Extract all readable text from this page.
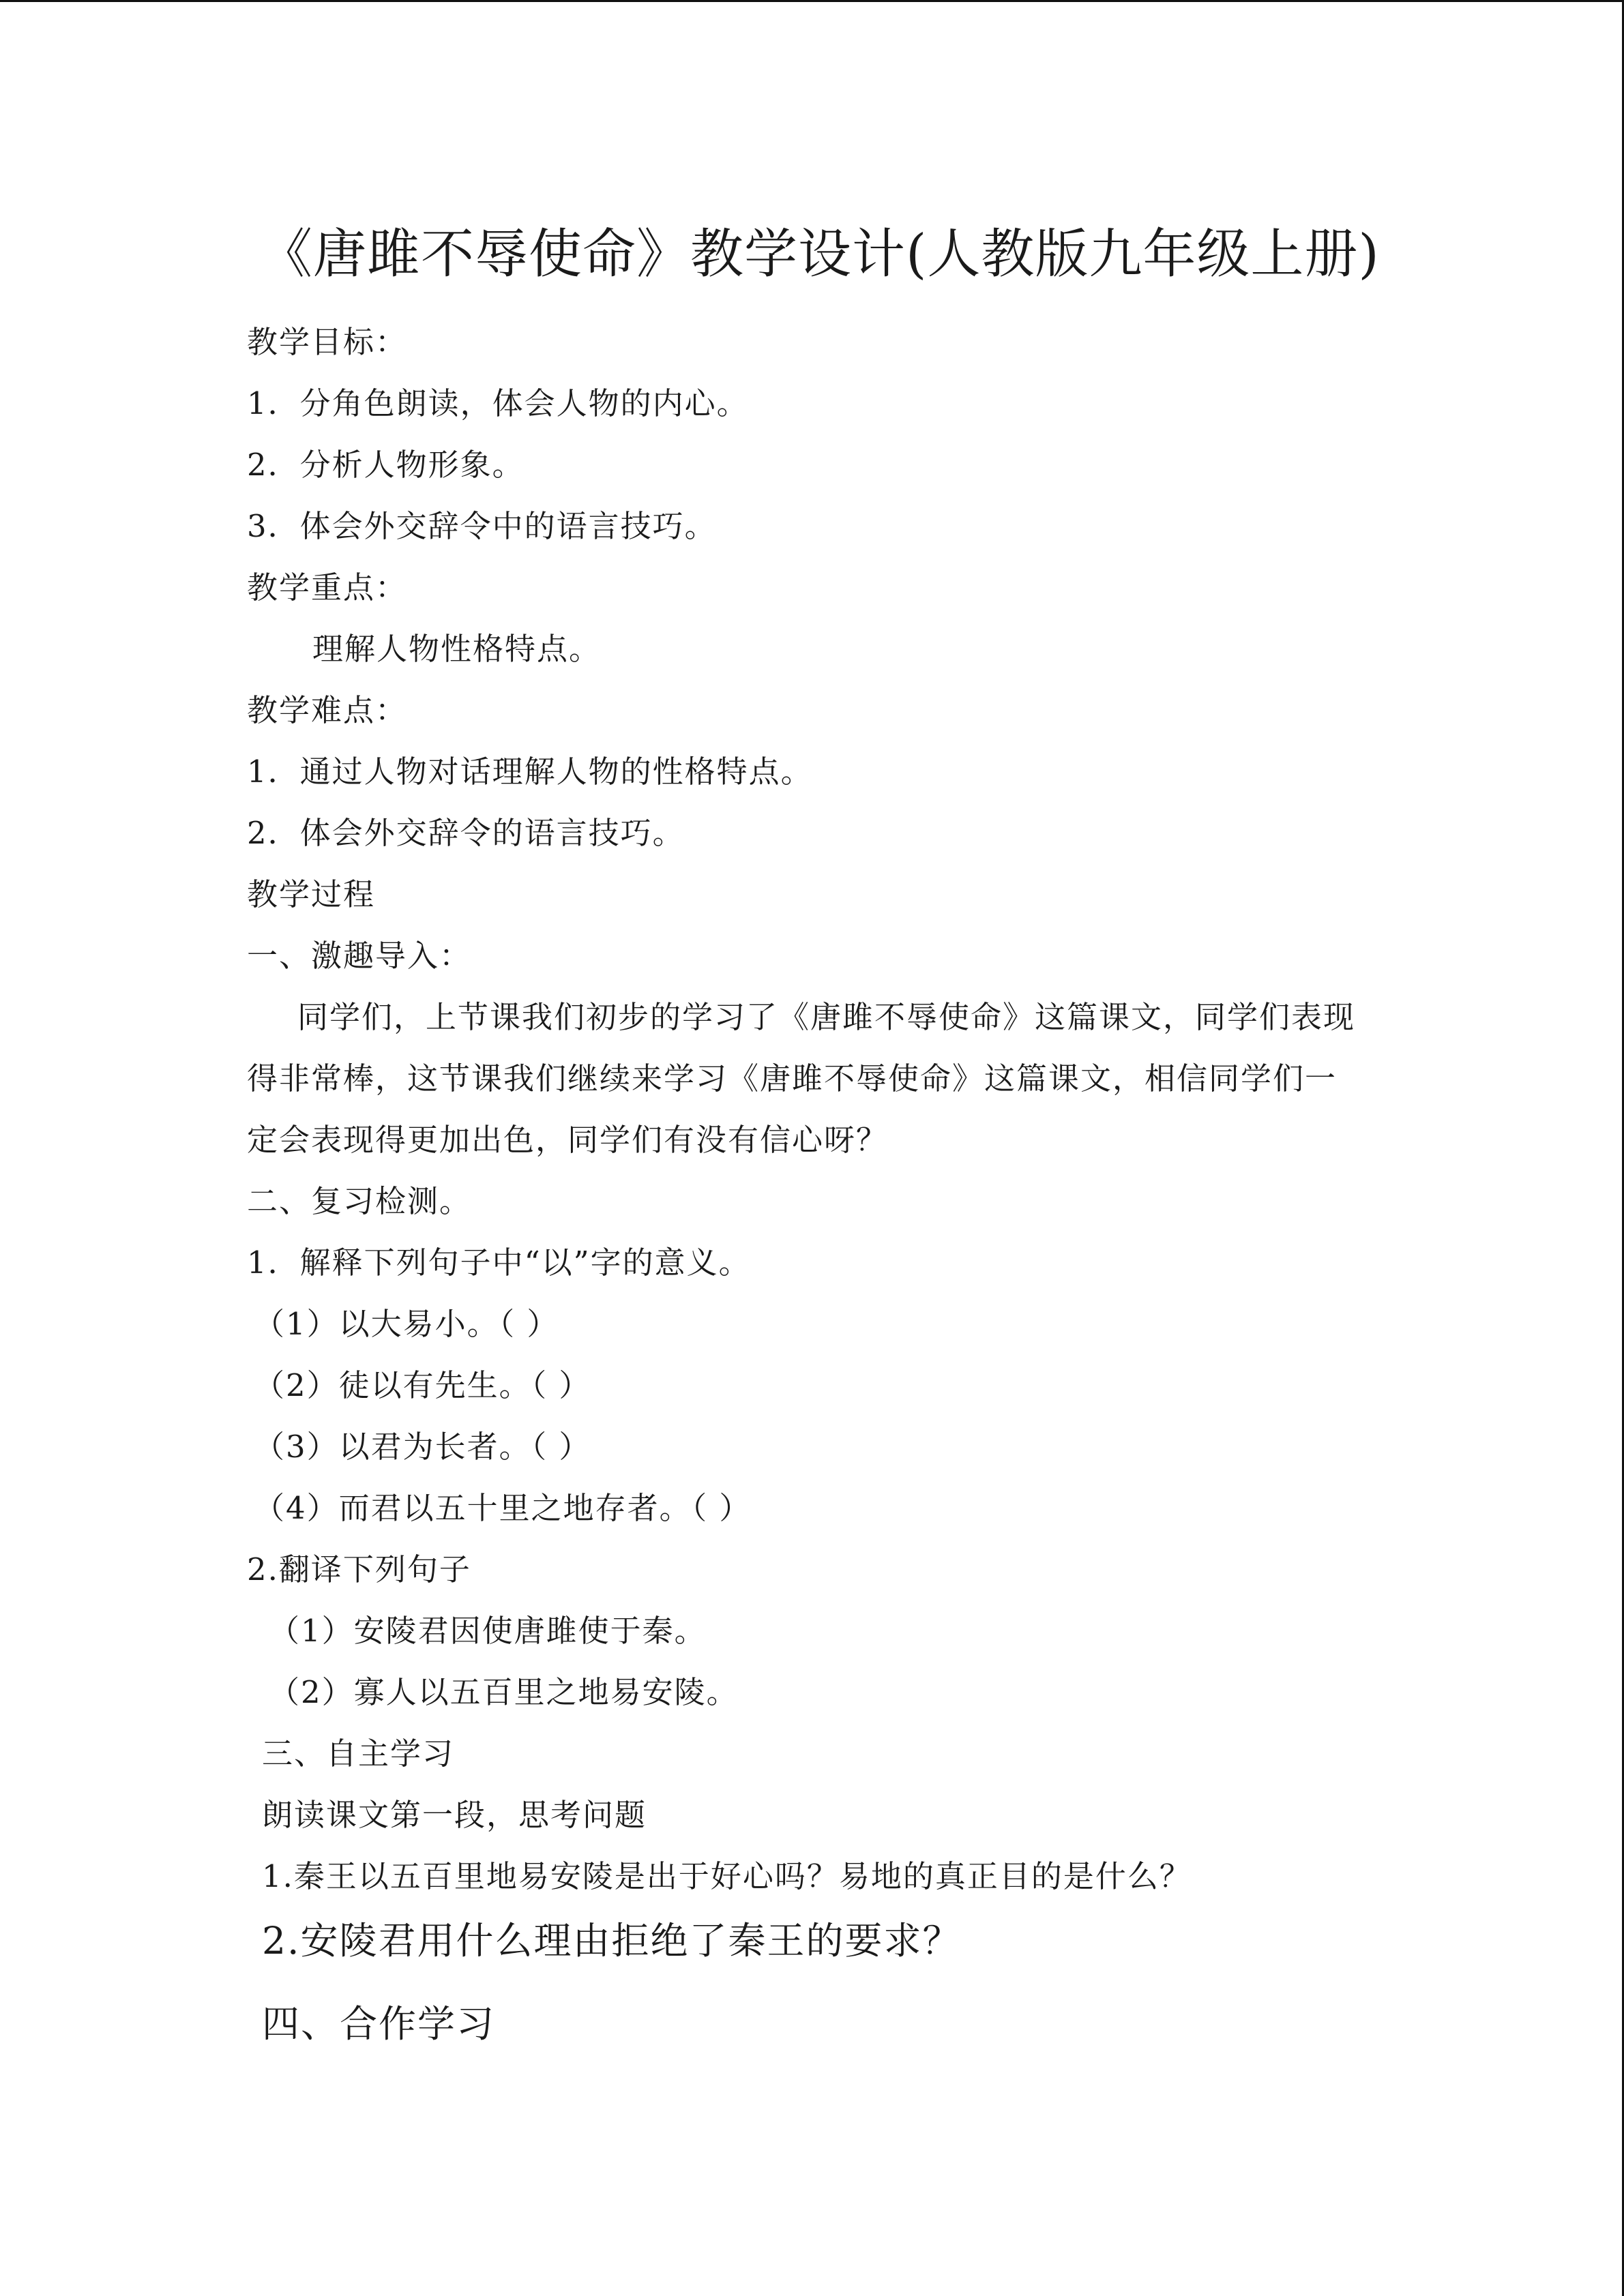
《唐雎不辱使命》教学设计(人教版九年级上册)
教学目标：
1．分角色朗读，体会人物的内心。
2．分析人物形象。
3．体会外交辞令中的语言技巧。
教学重点：
理解人物性格特点。
教学难点：
1．通过人物对话理解人物的性格特点。
2．体会外交辞令的语言技巧。
教学过程
一、激趣导入：
同学们，上节课我们初步的学习了《唐雎不辱使命》这篇课文，同学们表现
得非常棒，这节课我们继续来学习《唐雎不辱使命》这篇课文，相信同学们一
定会表现得更加出色，同学们有没有信心呀？
二、复习检测。
1．解释下列句子中“以”字的意义。
（1）以大易小。（ ）
（2）徒以有先生。（ ）
（3）以君为长者。（ ）
（4）而君以五十里之地存者。（ ）
2.翻译下列句子
（1）安陵君因使唐雎使于秦。
（2）寡人以五百里之地易安陵。
三、自主学习
朗读课文第一段，思考问题
1.秦王以五百里地易安陵是出于好心吗？易地的真正目的是什么？
2.安陵君用什么理由拒绝了秦王的要求？
四、合作学习
